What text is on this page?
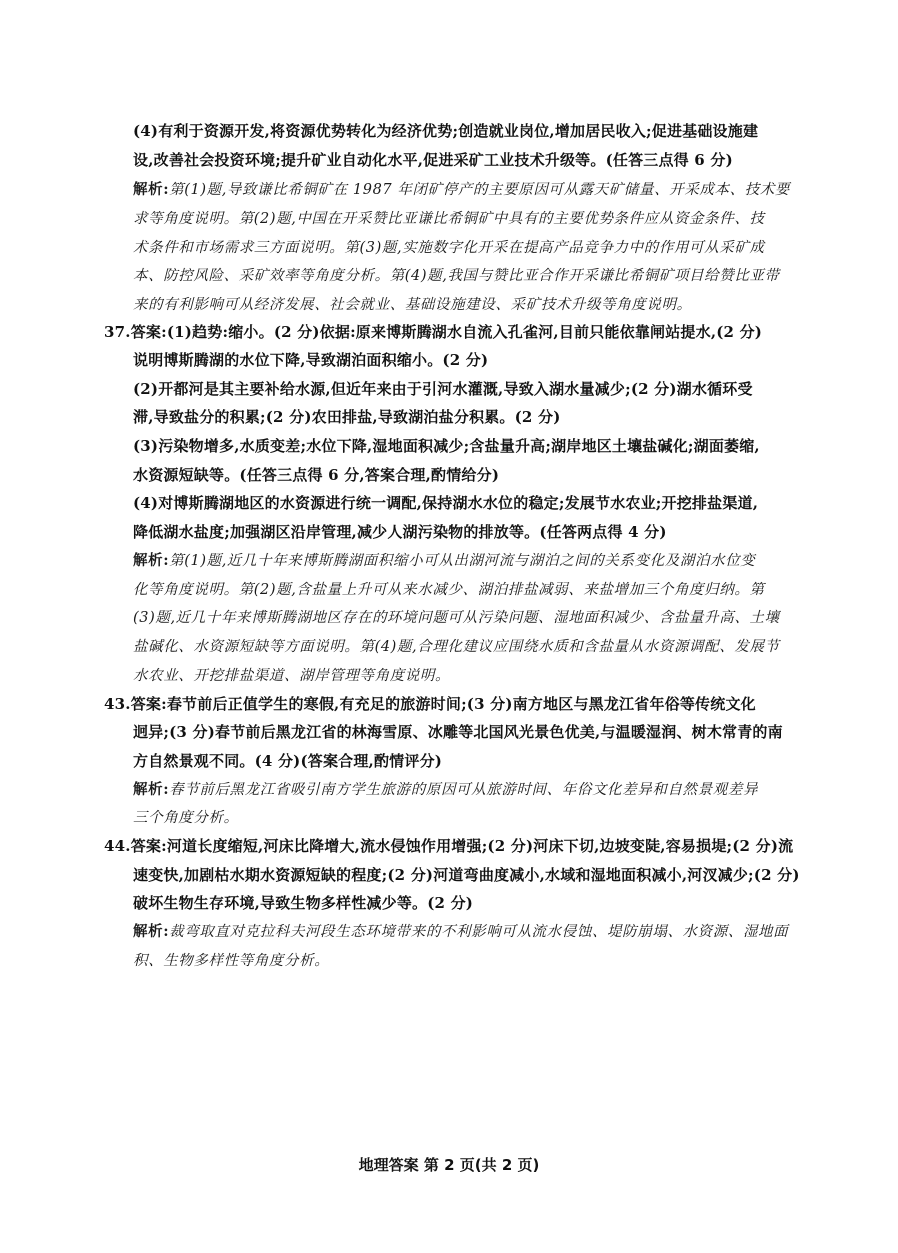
(4)有利于资源开发,将资源优势转化为经济优势;创造就业岗位,增加居民收入;促进基础设施建
设,改善社会投资环境;提升矿业自动化水平,促进采矿工业技术升级等。(任答三点得 6 分)
解析:第(1)题,导致谦比希铜矿在 1987 年闭矿停产的主要原因可从露天矿储量、开采成本、技术要
求等角度说明。第(2)题,中国在开采赞比亚谦比希铜矿中具有的主要优势条件应从资金条件、技
术条件和市场需求三方面说明。第(3)题,实施数字化开采在提高产品竞争力中的作用可从采矿成
本、防控风险、采矿效率等角度分析。第(4)题,我国与赞比亚合作开采谦比希铜矿项目给赞比亚带
来的有利影响可从经济发展、社会就业、基础设施建设、采矿技术升级等角度说明。
37.答案:(1)趋势:缩小。(2 分)依据:原来博斯腾湖水自流入孔雀河,目前只能依靠闸站提水,(2 分)
说明博斯腾湖的水位下降,导致湖泊面积缩小。(2 分)
(2)开都河是其主要补给水源,但近年来由于引河水灌溉,导致入湖水量减少;(2 分)湖水循环受
滞,导致盐分的积累;(2 分)农田排盐,导致湖泊盐分积累。(2 分)
(3)污染物增多,水质变差;水位下降,湿地面积减少;含盐量升高;湖岸地区土壤盐碱化;湖面萎缩,
水资源短缺等。(任答三点得 6 分,答案合理,酌情给分)
(4)对博斯腾湖地区的水资源进行统一调配,保持湖水水位的稳定;发展节水农业;开挖排盐渠道,
降低湖水盐度;加强湖区沿岸管理,减少人湖污染物的排放等。(任答两点得 4 分)
解析:第(1)题,近几十年来博斯腾湖面积缩小可从出湖河流与湖泊之间的关系变化及湖泊水位变
化等角度说明。第(2)题,含盐量上升可从来水减少、湖泊排盐减弱、来盐增加三个角度归纳。第
(3)题,近几十年来博斯腾湖地区存在的环境问题可从污染问题、湿地面积减少、含盐量升高、土壤
盐碱化、水资源短缺等方面说明。第(4)题,合理化建议应围绕水质和含盐量从水资源调配、发展节
水农业、开挖排盐渠道、湖岸管理等角度说明。
43.答案:春节前后正值学生的寒假,有充足的旅游时间;(3 分)南方地区与黑龙江省年俗等传统文化
迥异;(3 分)春节前后黑龙江省的林海雪原、冰雕等北国风光景色优美,与温暖湿润、树木常青的南
方自然景观不同。(4 分)(答案合理,酌情评分)
解析:春节前后黑龙江省吸引南方学生旅游的原因可从旅游时间、年俗文化差异和自然景观差异
三个角度分析。
44.答案:河道长度缩短,河床比降增大,流水侵蚀作用增强;(2 分)河床下切,边坡变陡,容易损堤;(2 分)流
速变快,加剧枯水期水资源短缺的程度;(2 分)河道弯曲度减小,水域和湿地面积减小,河汊减少;(2 分)
破坏生物生存环境,导致生物多样性减少等。(2 分)
解析:裁弯取直对克拉科夫河段生态环境带来的不利影响可从流水侵蚀、堤防崩塌、水资源、湿地面
积、生物多样性等角度分析。
地理答案 第 2 页(共 2 页)
